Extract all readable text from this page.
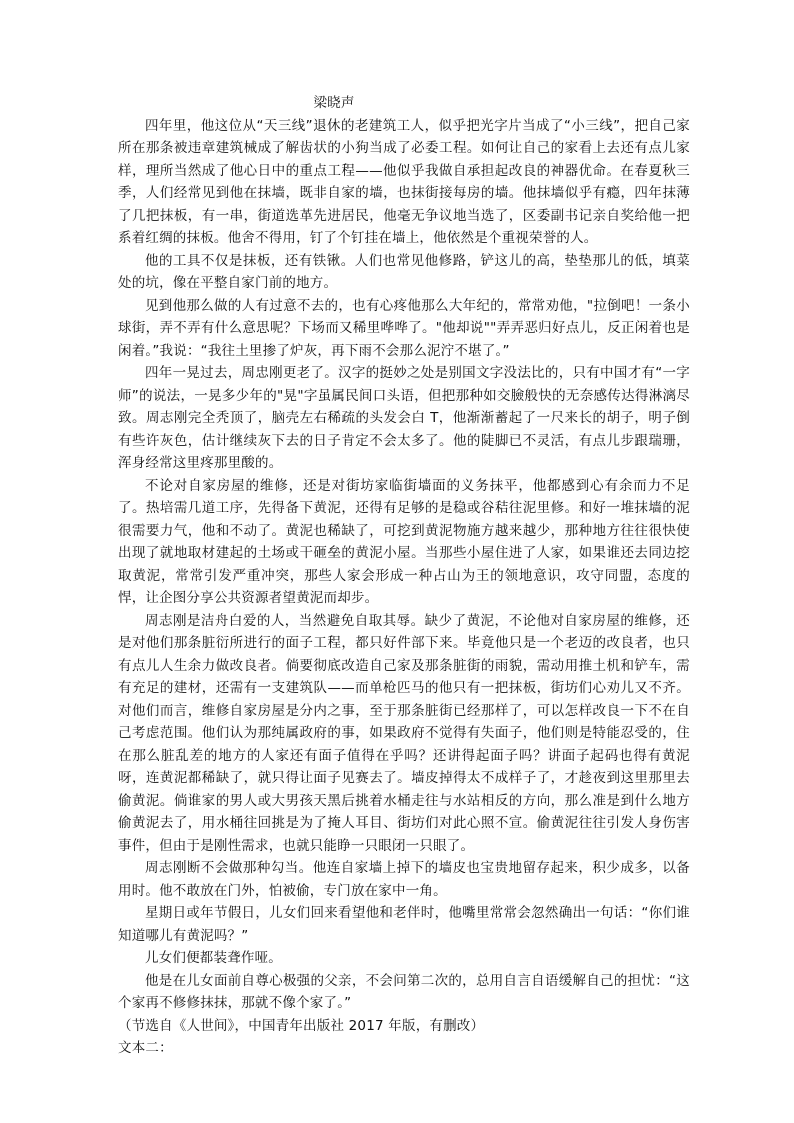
梁晓声

四年里，他这位从“天三线”退休的老建筑工人，似乎把光字片当成了“小三线”，把自己家所在那条被违章建筑械成了解齿状的小狗当成了必委工程。如何让自己的家看上去还有点儿家样，理所当然成了他心日中的重点工程——他似乎我做自承担起改良的神器优命。在春夏秋三季，人们经常见到他在抹墙，既非自家的墙，也抹街接每房的墙。他抹墙似乎有瘾，四年抹薄了几把抹板，有一串，街道选革先进居民，他毫无争议地当选了，区委副书记亲自奖给他一把系着红绸的抹板。他舍不得用，钉了个钉挂在墙上，他依然是个重视荣誉的人。

他的工具不仅是抹板，还有铁锹。人们也常见他修路，铲这儿的高，垫垫那儿的低，填菜处的坑，像在平整自家门前的地方。

见到他那么做的人有过意不去的，也有心疼他那么大年纪的，常常劝他，"拉倒吧！一条小球街，弄不弄有什么意思呢？下场而又稀里哗哗了。"他却说""弄弄恶归好点儿，反正闲着也是闲着。”我说：“我往土里掺了炉灰，再下雨不会那么泥泞不堪了。”

四年一晃过去，周忠刚更老了。汉字的挺妙之处是别国文字没法比的，只有中国才有“一字师”的说法，一晃多少年的"晃"字虽属民间口头语，但把那种如交臉般快的无奈感传达得淋漓尽致。周志刚完全秃顶了，脑壳左右稀疏的头发会白 T，他渐渐蓄起了一尺来长的胡子，明子倒有些许灰色，估计继续灰下去的日子肯定不会太多了。他的陡脚已不灵活，有点儿步跟瑞珊，浑身经常这里疼那里酸的。

不论对自家房屋的维修，还是对街坊家临街墙面的义务抹平，他都感到心有余而力不足了。热培需几道工序，先得备下黄泥，还得有足够的是稳或谷秸往泥里修。和好一堆抹墙的泥很需要力气，他和不动了。黄泥也稀缺了，可挖到黄泥物施方越来越少，那种地方往往很快使出现了就地取材建起的土场或干砸垒的黄泥小屋。当那些小屋住进了人家，如果谁还去同边挖取黄泥，常常引发严重冲突，那些人家会形成一种占山为王的领地意识，攻守同盟，态度的悍，让企图分享公共资源者望黄泥而却步。

周志刚是洁舟白爱的人，当然避免自取其辱。缺少了黄泥，不论他对自家房屋的维修，还是对他们那条脏衍所进行的面子工程，都只好件部下来。毕竟他只是一个老迈的改良者，也只有点儿人生余力做改良者。倘要彻底改造自己家及那条脏街的雨貌，需动用推土机和铲车，需有充足的建材，还需有一支建筑队——而单枪匹马的他只有一把抹板，街坊们心劝儿又不齐。对他们而言，维修自家房屋是分内之事，至于那条脏街已经那样了，可以怎样改良一下不在自己考虑范围。他们认为那纯属政府的事，如果政府不觉得有失面子，他们则是特能忍受的，住在那么脏乱差的地方的人家还有面子值得在乎吗？还讲得起面子吗？讲面子起码也得有黄泥呀，连黄泥都稀缺了，就只得让面子见赛去了。墙皮掉得太不成样子了，才趁夜到这里那里去偷黄泥。倘谁家的男人或大男孩天黑后挑着水桶走往与水站相反的方向，那么准是到什么地方偷黄泥去了，用水桶往回挑是为了掩人耳目、街坊们对此心照不宣。偷黄泥往往引发人身伤害事件，但由于是刚性需求，也就只能睁一只眼闭一只眼了。

周志刚断不会做那种勾当。他连自家墙上掉下的墙皮也宝贵地留存起来，积少成多，以备用时。他不敢放在门外，怕被偷，专门放在家中一角。

星期日或年节假日，儿女们回来看望他和老伴时，他嘴里常常会忽然确出一句话：“你们谁知道哪儿有黄泥吗？”

儿女们便都装聋作哑。

他是在儿女面前自尊心极强的父亲，不会问第二次的，总用自言自语缓解自己的担忧：“这个家再不修修抹抹，那就不像个家了。”

（节选自《人世间》，中国青年出版社 2017 年版，有删改）

文本二：
